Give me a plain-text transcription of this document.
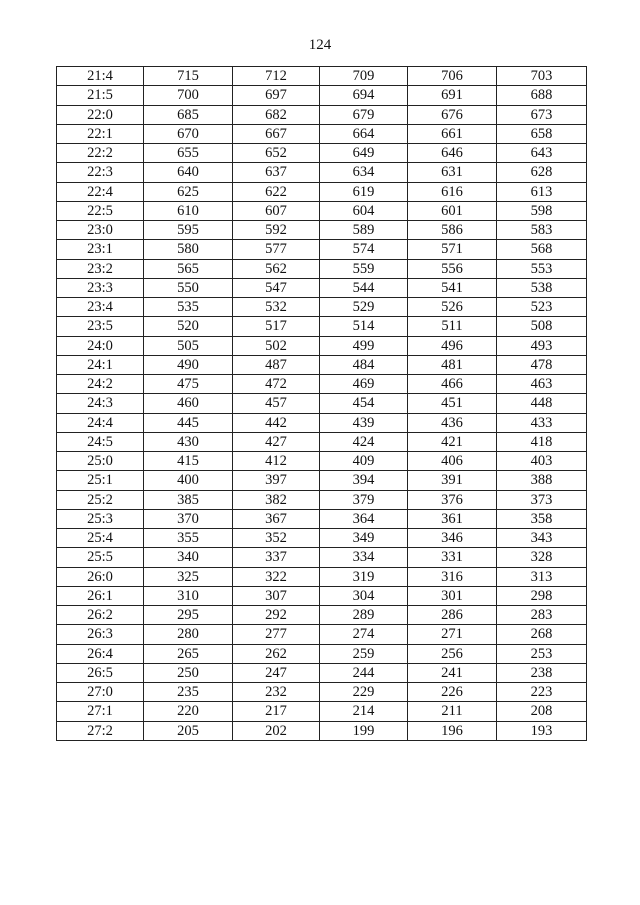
124
21:4	715	712	709	706	703
21:5	700	697	694	691	688
22:0	685	682	679	676	673
22:1	670	667	664	661	658
22:2	655	652	649	646	643
22:3	640	637	634	631	628
22:4	625	622	619	616	613
22:5	610	607	604	601	598
23:0	595	592	589	586	583
23:1	580	577	574	571	568
23:2	565	562	559	556	553
23:3	550	547	544	541	538
23:4	535	532	529	526	523
23:5	520	517	514	511	508
24:0	505	502	499	496	493
24:1	490	487	484	481	478
24:2	475	472	469	466	463
24:3	460	457	454	451	448
24:4	445	442	439	436	433
24:5	430	427	424	421	418
25:0	415	412	409	406	403
25:1	400	397	394	391	388
25:2	385	382	379	376	373
25:3	370	367	364	361	358
25:4	355	352	349	346	343
25:5	340	337	334	331	328
26:0	325	322	319	316	313
26:1	310	307	304	301	298
26:2	295	292	289	286	283
26:3	280	277	274	271	268
26:4	265	262	259	256	253
26:5	250	247	244	241	238
27:0	235	232	229	226	223
27:1	220	217	214	211	208
27:2	205	202	199	196	193
